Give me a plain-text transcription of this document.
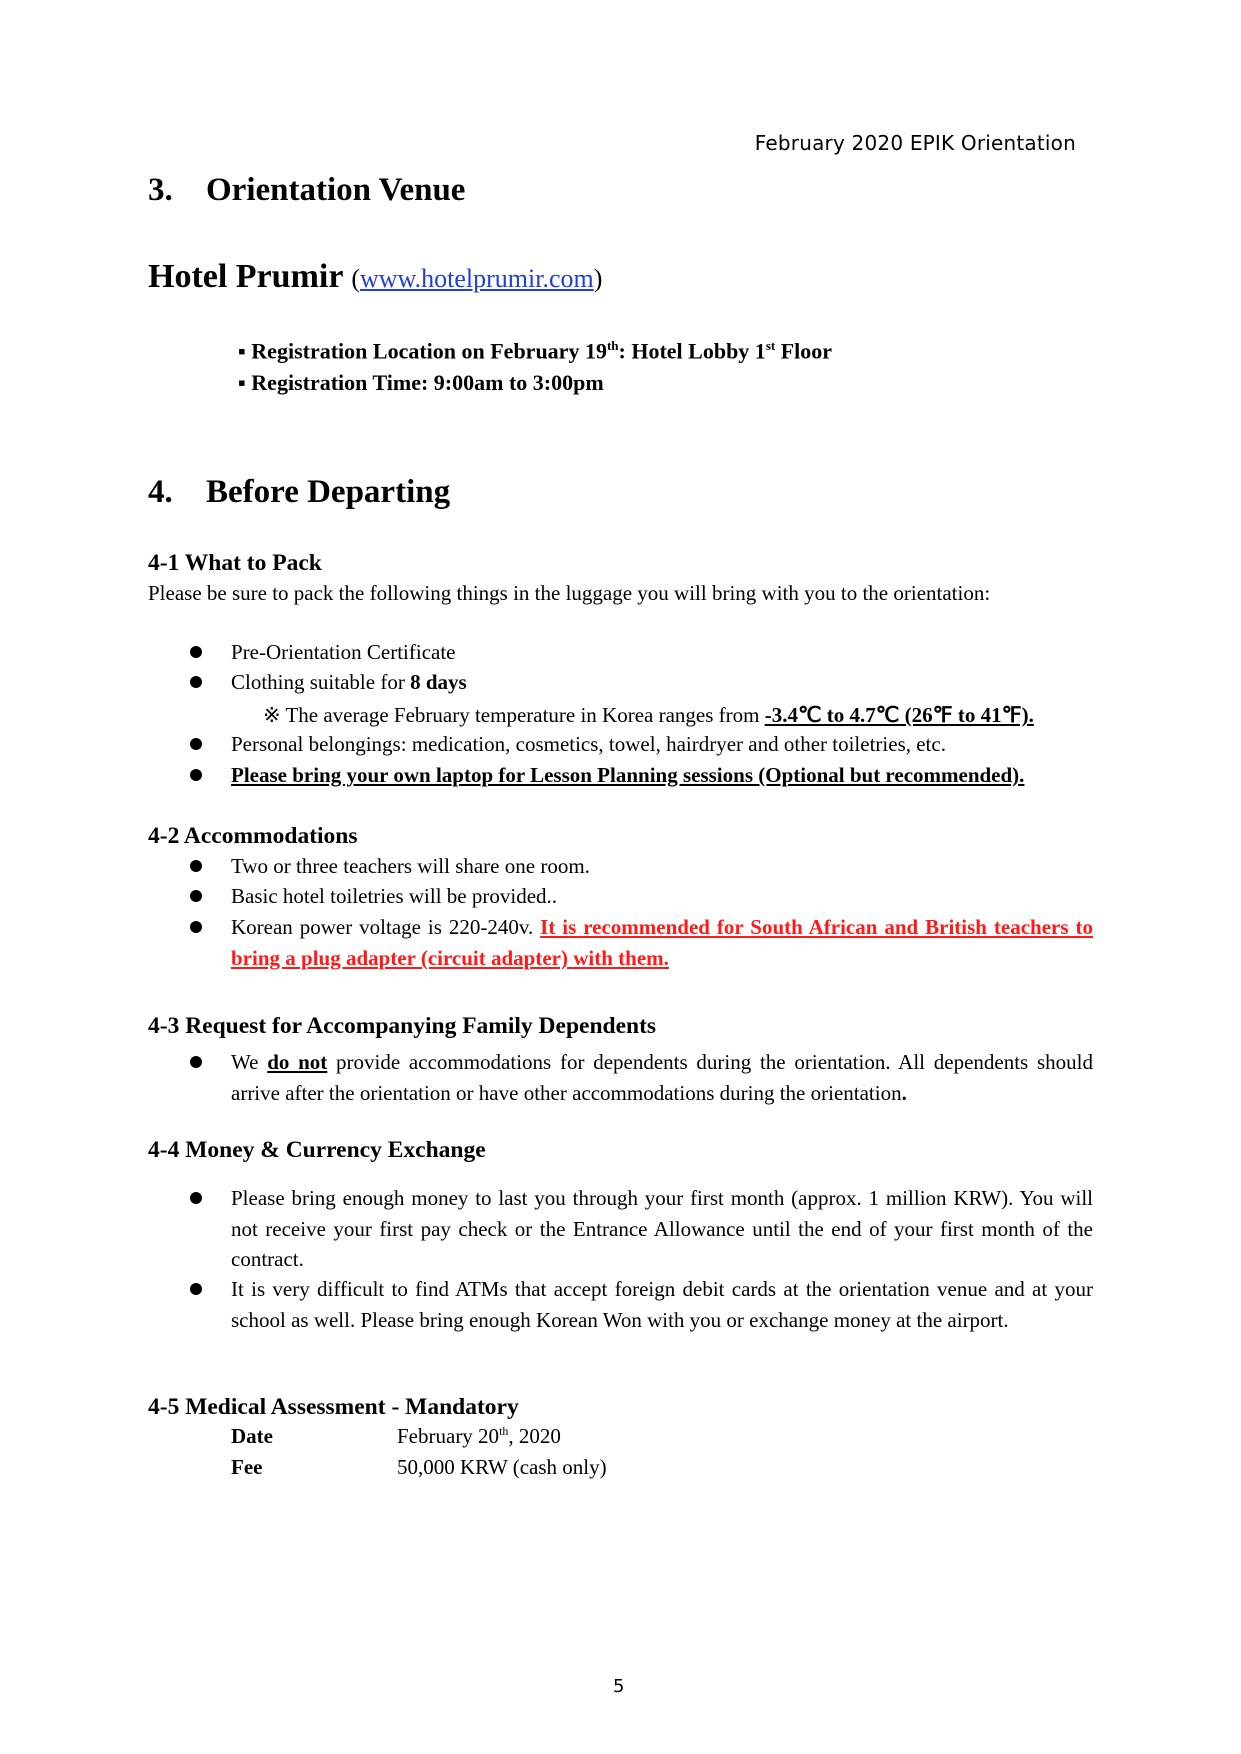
February 2020 EPIK Orientation
3. Orientation Venue
Hotel Prumir (www.hotelprumir.com)
▪ Registration Location on February 19th: Hotel Lobby 1st Floor
▪ Registration Time: 9:00am to 3:00pm
4. Before Departing
4-1 What to Pack
Please be sure to pack the following things in the luggage you will bring with you to the orientation:
Pre-Orientation Certificate
Clothing suitable for 8 days
※ The average February temperature in Korea ranges from -3.4℃ to 4.7℃ (26℉ to 41℉).
Personal belongings: medication, cosmetics, towel, hairdryer and other toiletries, etc.
Please bring your own laptop for Lesson Planning sessions (Optional but recommended).
4-2 Accommodations
Two or three teachers will share one room.
Basic hotel toiletries will be provided..
Korean power voltage is 220-240v. It is recommended for South African and British teachers to bring a plug adapter (circuit adapter) with them.
4-3 Request for Accompanying Family Dependents
We do not provide accommodations for dependents during the orientation. All dependents should arrive after the orientation or have other accommodations during the orientation.
4-4 Money & Currency Exchange
Please bring enough money to last you through your first month (approx. 1 million KRW). You will not receive your first pay check or the Entrance Allowance until the end of your first month of the contract.
It is very difficult to find ATMs that accept foreign debit cards at the orientation venue and at your school as well. Please bring enough Korean Won with you or exchange money at the airport.
4-5 Medical Assessment - Mandatory
Date	February 20th, 2020
Fee	50,000 KRW (cash only)
5
